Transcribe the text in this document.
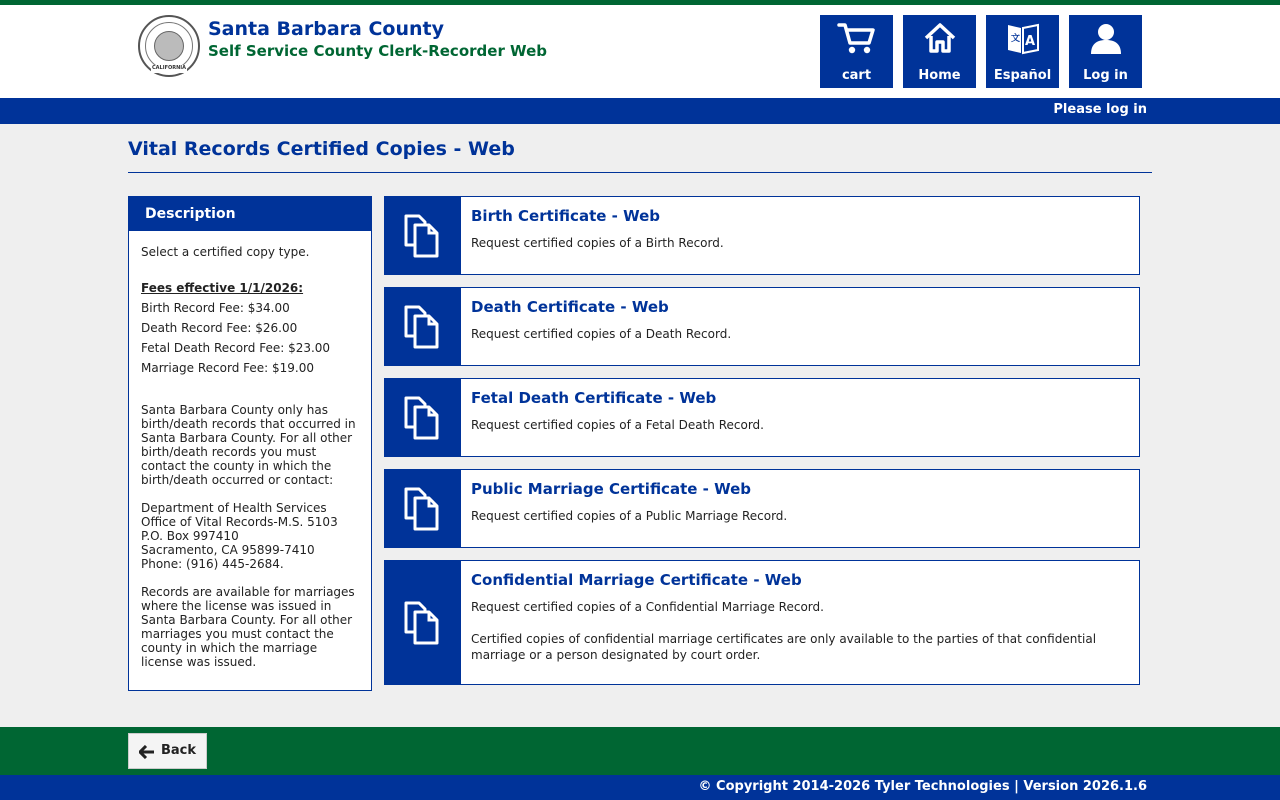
CALIFORNIA
Santa Barbara County
Self Service County Clerk-Recorder Web
cart	Home
文 A
Español	Log in
Please log in
Vital Records Certified Copies - Web
Description

Select a certified copy type.

Fees effective 1/1/2026:

Birth Record Fee: $34.00

Death Record Fee: $26.00

Fetal Death Record Fee: $23.00

Marriage Record Fee: $19.00

Santa Barbara County only has birth/death records that occurred in Santa Barbara County. For all other birth/death records you must contact the county in which the birth/death occurred or contact:

Department of Health Services

Office of Vital Records-M.S. 5103

P.O. Box 997410

Sacramento, CA 95899-7410

Phone: (916) 445-2684.

Records are available for marriages where the license was issued in Santa Barbara County. For all other marriages you must contact the county in which the marriage license was issued.

Birth Certificate - Web
Request certified copies of a Birth Record.
Death Certificate - Web
Request certified copies of a Death Record.
Fetal Death Certificate - Web
Request certified copies of a Fetal Death Record.
Public Marriage Certificate - Web
Request certified copies of a Public Marriage Record.
Confidential Marriage Certificate - Web
Request certified copies of a Confidential Marriage Record.
Certified copies of confidential marriage certificates are only available to the parties of that confidential marriage or a person designated by court order.
Back
© Copyright 2014-2026 Tyler Technologies | Version 2026.1.6
